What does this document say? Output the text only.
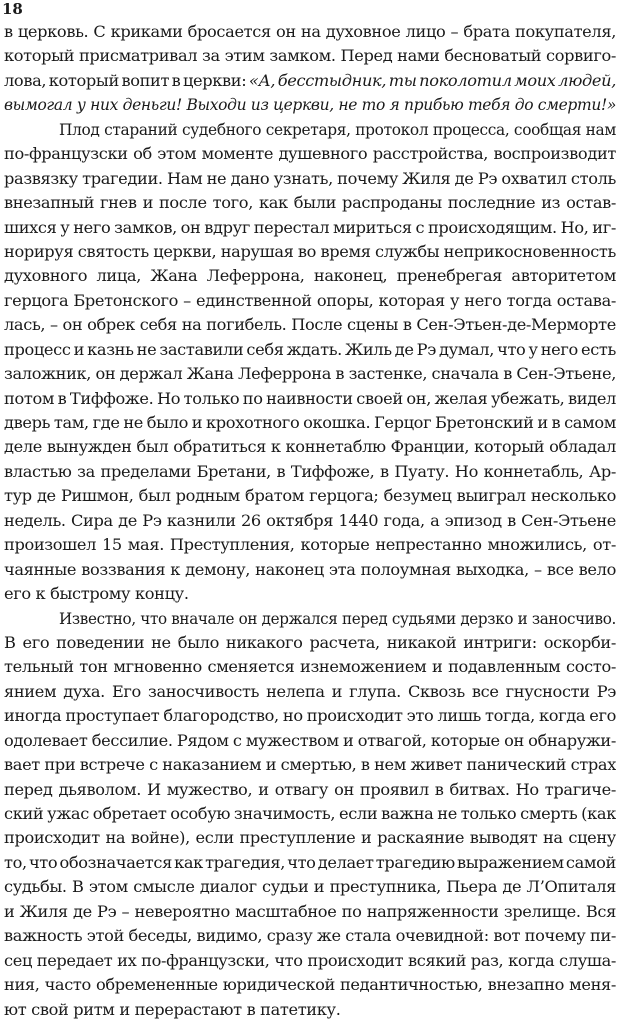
18
в церковь. С криками бросается он на духовное лицо – брата покупателя,
который присматривал за этим замком. Перед нами бесноватый сорвиго-
лова, который вопит в церкви: «А, бесстыдник, ты поколотил моих людей,
вымогал у них деньги! Выходи из церкви, не то я прибью тебя до смерти!»
Плод стараний судебного секретаря, протокол процесса, сообщая нам
по-французски об этом моменте душевного расстройства, воспроизводит
развязку трагедии. Нам не дано узнать, почему Жиля де Рэ охватил столь
внезапный гнев и после того, как были распроданы последние из остав-
шихся у него замков, он вдруг перестал мириться с происходящим. Но, иг-
норируя святость церкви, нарушая во время службы неприкосновенность
духовного лица, Жана Леферрона, наконец, пренебрегая авторитетом
герцога Бретонского – единственной опоры, которая у него тогда остава-
лась, – он обрек себя на погибель. После сцены в Сен-Этьен-де-Мерморте
процесс и казнь не заставили себя ждать. Жиль де Рэ думал, что у него есть
заложник, он держал Жана Леферрона в застенке, сначала в Сен-Этьене,
потом в Тиффоже. Но только по наивности своей он, желая убежать, видел
дверь там, где не было и крохотного окошка. Герцог Бретонский и в самом
деле вынужден был обратиться к коннетаблю Франции, который обладал
властью за пределами Бретани, в Тиффоже, в Пуату. Но коннетабль, Ар-
тур де Ришмон, был родным братом герцога; безумец выиграл несколько
недель. Сира де Рэ казнили 26 октября 1440 года, а эпизод в Сен-Этьене
произошел 15 мая. Преступления, которые непрестанно множились, от-
чаянные воззвания к демону, наконец эта полоумная выходка, – все вело
его к быстрому концу.
Известно, что вначале он держался перед судьями дерзко и заносчиво.
В его поведении не было никакого расчета, никакой интриги: оскорби-
тельный тон мгновенно сменяется изнеможением и подавленным состо-
янием духа. Его заносчивость нелепа и глупа. Сквозь все гнусности Рэ
иногда проступает благородство, но происходит это лишь тогда, когда его
одолевает бессилие. Рядом с мужеством и отвагой, которые он обнаружи-
вает при встрече с наказанием и смертью, в нем живет панический страх
перед дьяволом. И мужество, и отвагу он проявил в битвах. Но трагиче-
ский ужас обретает особую значимость, если важна не только смерть (как
происходит на войне), если преступление и раскаяние выводят на сцену
то, что обозначается как трагедия, что делает трагедию выражением самой
судьбы. В этом смысле диалог судьи и преступника, Пьера де Л’Опиталя
и Жиля де Рэ – невероятно масштабное по напряженности зрелище. Вся
важность этой беседы, видимо, сразу же стала очевидной: вот почему пи-
сец передает их по-французски, что происходит всякий раз, когда слуша-
ния, часто обремененные юридической педантичностью, внезапно меня-
ют свой ритм и перерастают в патетику.
